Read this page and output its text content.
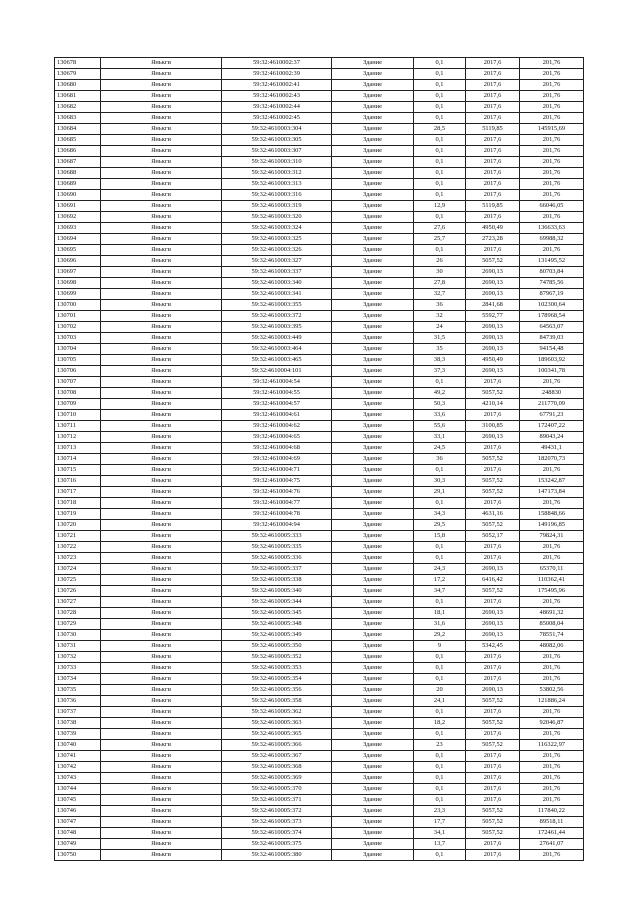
130678	Янькги	59:32:4610002:37	Здание	0,1	2017,6	201,76
130679	Янькги	59:32:4610002:39	Здание	0,1	2017,6	201,76
130680	Янькги	59:32:4610002:41	Здание	0,1	2017,6	201,76
130681	Янькги	59:32:4610002:43	Здание	0,1	2017,6	201,76
130682	Янькги	59:32:4610002:44	Здание	0,1	2017,6	201,76
130683	Янькги	59:32:4610002:45	Здание	0,1	2017,6	201,76
130684	Янькги	59:32:4610003:304	Здание	28,5	5119,85	145915,69
130685	Янькги	59:32:4610003:305	Здание	0,1	2017,6	201,76
130686	Янькги	59:32:4610003:307	Здание	0,1	2017,6	201,76
130687	Янькги	59:32:4610003:310	Здание	0,1	2017,6	201,76
130688	Янькги	59:32:4610003:312	Здание	0,1	2017,6	201,76
130689	Янькги	59:32:4610003:313	Здание	0,1	2017,6	201,76
130690	Янькги	59:32:4610003:316	Здание	0,1	2017,6	201,76
130691	Янькги	59:32:4610003:319	Здание	12,9	5119,85	66046,05
130692	Янькги	59:32:4610003:320	Здание	0,1	2017,6	201,76
130693	Янькги	59:32:4610003:324	Здание	27,6	4950,49	136633,63
130694	Янькги	59:32:4610003:325	Здание	25,7	2723,28	69988,32
130695	Янькги	59:32:4610003:326	Здание	0,1	2017,6	201,76
130696	Янькги	59:32:4610003:327	Здание	26	5057,52	131495,52
130697	Янькги	59:32:4610003:337	Здание	30	2690,13	80703,84
130698	Янькги	59:32:4610003:340	Здание	27,8	2690,13	74785,56
130699	Янькги	59:32:4610003:341	Здание	32,7	2690,13	87967,19
130700	Янькги	59:32:4610003:355	Здание	36	2841,68	102300,64
130701	Янькги	59:32:4610003:372	Здание	32	5592,77	178968,54
130702	Янькги	59:32:4610003:395	Здание	24	2690,13	64563,07
130703	Янькги	59:32:4610003:449	Здание	31,5	2690,13	84739,03
130704	Янькги	59:32:4610003:464	Здание	35	2690,13	94154,48
130705	Янькги	59:32:4610003:465	Здание	38,3	4950,49	189603,92
130706	Янькги	59:32:4610004:101	Здание	37,3	2690,13	100341,78
130707	Янькги	59:32:4610004:54	Здание	0,1	2017,6	201,76
130708	Янькги	59:32:4610004:55	Здание	49,2	5057,52	248830
130709	Янькги	59:32:4610004:57	Здание	50,3	4210,14	211770,09
130710	Янькги	59:32:4610004:61	Здание	33,6	2017,6	67791,23
130711	Янькги	59:32:4610004:62	Здание	55,6	3100,85	172407,22
130712	Янькги	59:32:4610004:65	Здание	33,1	2690,13	89043,24
130713	Янькги	59:32:4610004:68	Здание	24,5	2017,6	49431,1
130714	Янькги	59:32:4610004:69	Здание	36	5057,52	182070,73
130715	Янькги	59:32:4610004:71	Здание	0,1	2017,6	201,76
130716	Янькги	59:32:4610004:75	Здание	30,3	5057,52	153242,87
130717	Янькги	59:32:4610004:76	Здание	29,1	5057,52	147173,84
130718	Янькги	59:32:4610004:77	Здание	0,1	2017,6	201,76
130719	Янькги	59:32:4610004:78	Здание	34,3	4631,16	158848,66
130720	Янькги	59:32:4610004:94	Здание	29,5	5057,52	149196,85
130721	Янькги	59:32:4610005:333	Здание	15,8	5052,17	79824,31
130722	Янькги	59:32:4610005:335	Здание	0,1	2017,6	201,76
130723	Янькги	59:32:4610005:336	Здание	0,1	2017,6	201,76
130724	Янькги	59:32:4610005:337	Здание	24,3	2690,13	65370,11
130725	Янькги	59:32:4610005:338	Здание	17,2	6416,42	110362,41
130726	Янькги	59:32:4610005:340	Здание	34,7	5057,52	175495,96
130727	Янькги	59:32:4610005:344	Здание	0,1	2017,6	201,76
130728	Янькги	59:32:4610005:345	Здание	18,1	2690,13	48691,32
130729	Янькги	59:32:4610005:348	Здание	31,6	2690,13	85008,04
130730	Янькги	59:32:4610005:349	Здание	29,2	2690,13	78551,74
130731	Янькги	59:32:4610005:350	Здание	9	5342,45	48082,06
130732	Янькги	59:32:4610005:352	Здание	0,1	2017,6	201,76
130733	Янькги	59:32:4610005:353	Здание	0,1	2017,6	201,76
130734	Янькги	59:32:4610005:354	Здание	0,1	2017,6	201,76
130735	Янькги	59:32:4610005:356	Здание	20	2690,13	53802,56
130736	Янькги	59:32:4610005:358	Здание	24,1	5057,52	121886,24
130737	Янькги	59:32:4610005:362	Здание	0,1	2017,6	201,76
130738	Янькги	59:32:4610005:363	Здание	18,2	5057,52	92046,87
130739	Янькги	59:32:4610005:365	Здание	0,1	2017,6	201,76
130740	Янькги	59:32:4610005:366	Здание	23	5057,52	116322,97
130741	Янькги	59:32:4610005:367	Здание	0,1	2017,6	201,76
130742	Янькги	59:32:4610005:368	Здание	0,1	2017,6	201,76
130743	Янькги	59:32:4610005:369	Здание	0,1	2017,6	201,76
130744	Янькги	59:32:4610005:370	Здание	0,1	2017,6	201,76
130745	Янькги	59:32:4610005:371	Здание	0,1	2017,6	201,76
130746	Янькги	59:32:4610005:372	Здание	23,3	5057,52	117840,22
130747	Янькги	59:32:4610005:373	Здание	17,7	5057,52	89518,11
130748	Янькги	59:32:4610005:374	Здание	34,1	5057,52	172461,44
130749	Янькги	59:32:4610005:375	Здание	13,7	2017,6	27641,07
130750	Янькги	59:32:4610005:380	Здание	0,1	2017,6	201,76
